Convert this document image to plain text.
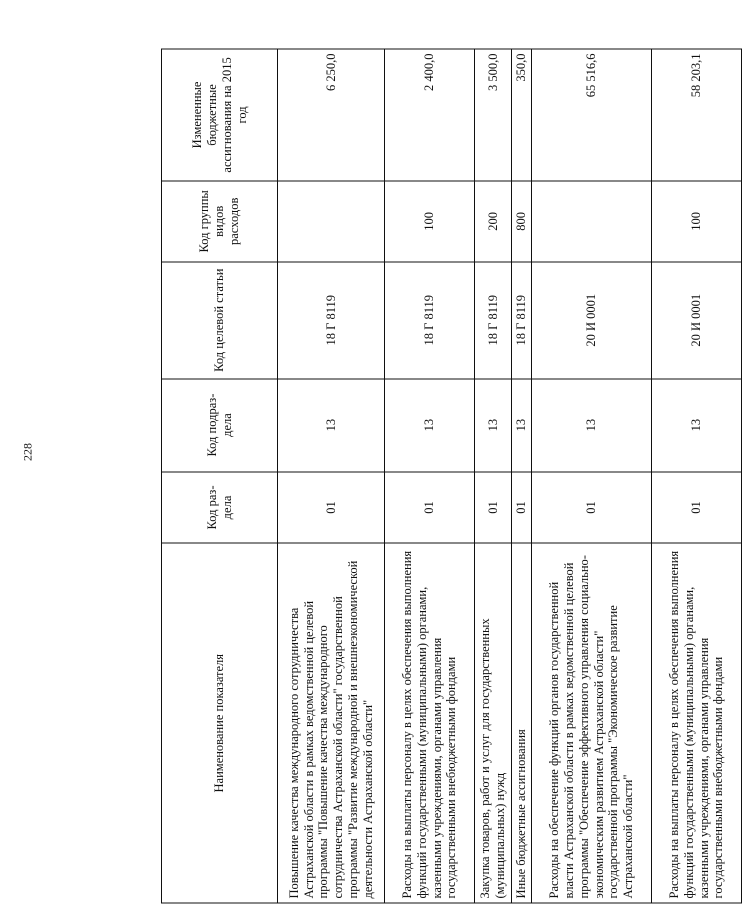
228
Наименование показателя	Код раз-дела	Код подраз-дела	Код целевой статьи	Код группы видов расходов	Измененные бюджетные ассигнования на 2015 год
Повышение качества международного сотрудничества Астраханской области в рамках ведомственной целевой программы "Повышение качества международного сотрудничества Астраханской области" государственной программы "Развитие международной и внешнеэкономической деятельности Астраханской области"	01	13	18 Г 8119		6 250,0
Расходы на выплаты персоналу в целях обеспечения выполнения функций государственными (муниципальными) органами, казенными учреждениями, органами управления государственными внебюджетными фондами	01	13	18 Г 8119	100	2 400,0
Закупка товаров, работ и услуг для государственных (муниципальных) нужд	01	13	18 Г 8119	200	3 500,0
Иные бюджетные ассигнования	01	13	18 Г 8119	800	350,0
Расходы на обеспечение функций органов государственной власти Астраханской области в рамках ведомственной целевой программы "Обеспечение эффективного управления социально-экономическим развитием Астраханской области" государственной программы "Экономическое развитие Астраханской области"	01	13	20 И 0001		65 516,6
Расходы на выплаты персоналу в целях обеспечения выполнения функций государственными (муниципальными) органами, казенными учреждениями, органами управления государственными внебюджетными фондами	01	13	20 И 0001	100	58 203,1
